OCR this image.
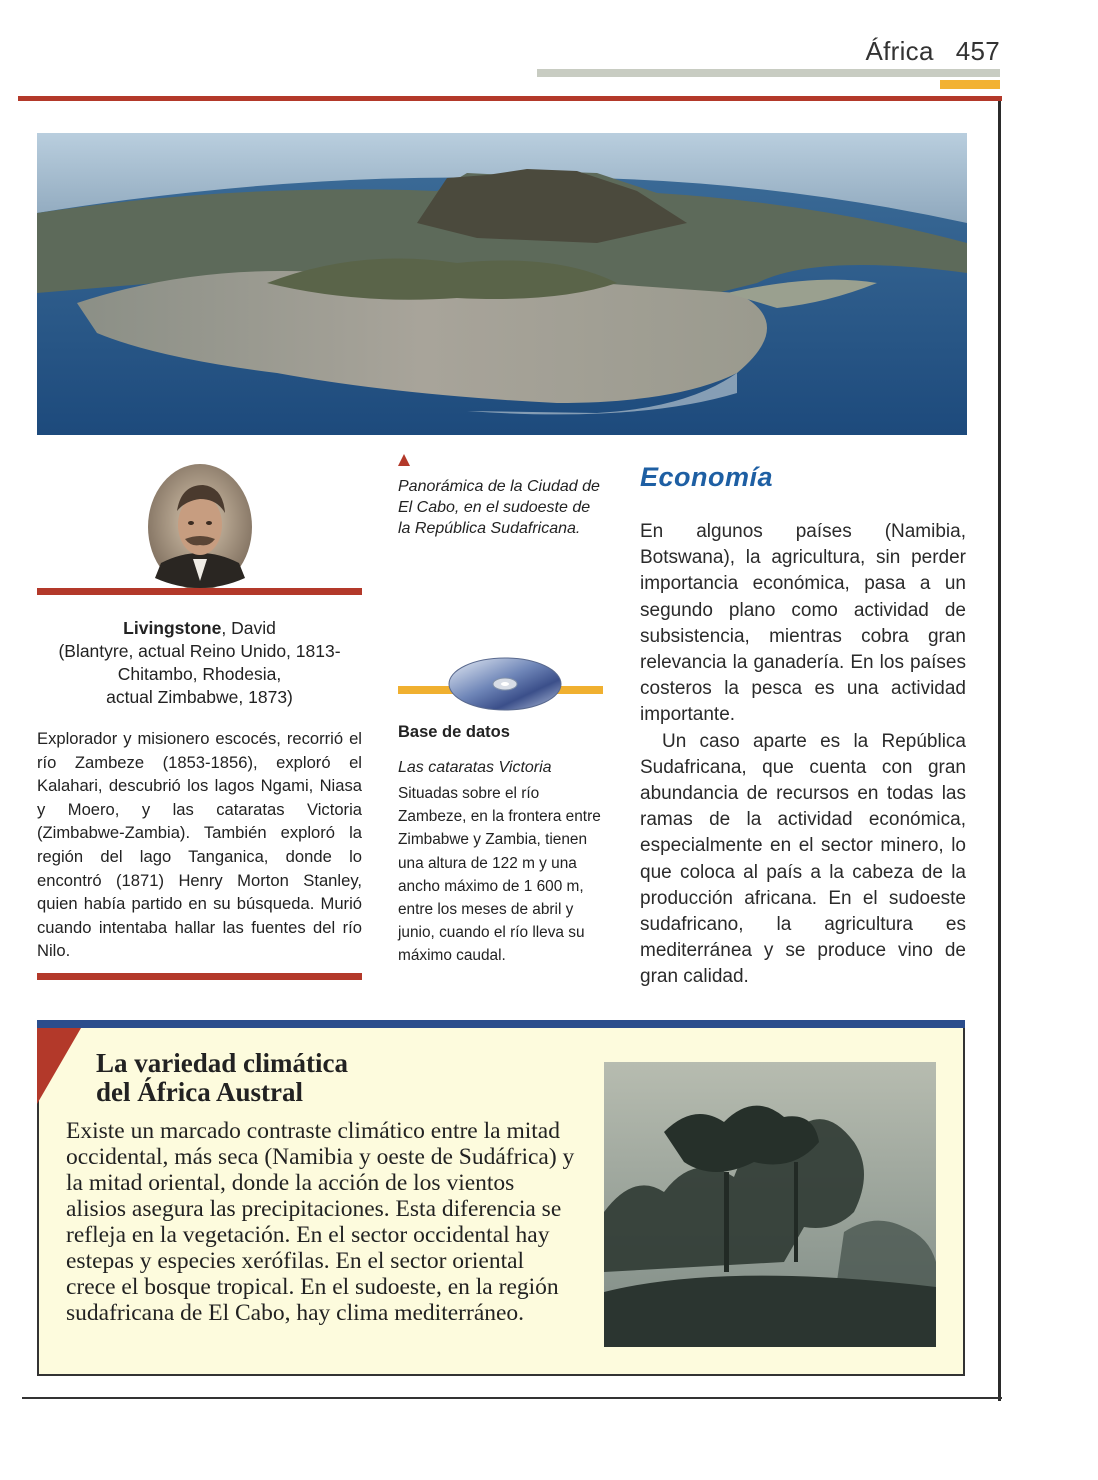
África 457
Livingstone, David
(Blantyre, actual Reino Unido, 1813-
Chitambo, Rhodesia,
actual Zimbabwe, 1873)
Explorador y misionero escocés, recorrió el río Zambeze (1853-1856), exploró el Kalahari, descubrió los lagos Ngami, Niasa y Moero, y las cataratas Victoria (Zimbabwe-Zambia). También exploró la región del lago Tanganica, donde lo encontró (1871) Henry Morton Stanley, quien había partido en su búsqueda. Murió cuando intentaba hallar las fuentes del río Nilo.
Panorámica de la Ciudad de El Cabo, en el sudoeste de la República Sudafricana.
Base de datos
Las cataratas Victoria
Situadas sobre el río Zambeze, en la frontera entre Zimbabwe y Zambia, tienen una altura de 122 m y una ancho máximo de 1 600 m, entre los meses de abril y junio, cuando el río lleva su máximo caudal.
Economía

En algunos países (Namibia, Botswana), la agricultura, sin perder importancia económica, pasa a un segundo plano como actividad de subsistencia, mientras cobra gran relevancia la ganadería. En los países costeros la pesca es una actividad importante.

Un caso aparte es la República Sudafricana, que cuenta con gran abundancia de recursos en todas las ramas de la actividad económica, especialmente en el sector minero, lo que coloca al país a la cabeza de la producción africana. En el sudoeste sudafricano, la agricultura es mediterránea y se produce vino de gran calidad.

La variedad climática
del África Austral
Existe un marcado contraste climático entre la mitad occidental, más seca (Namibia y oeste de Sudáfrica) y la mitad oriental, donde la acción de los vientos alisios asegura las precipitaciones. Esta diferencia se refleja en la vegetación. En el sector occidental hay estepas y especies xerófilas. En el sector oriental crece el bosque tropical. En el sudoeste, en la región sudafricana de El Cabo, hay clima mediterráneo.
